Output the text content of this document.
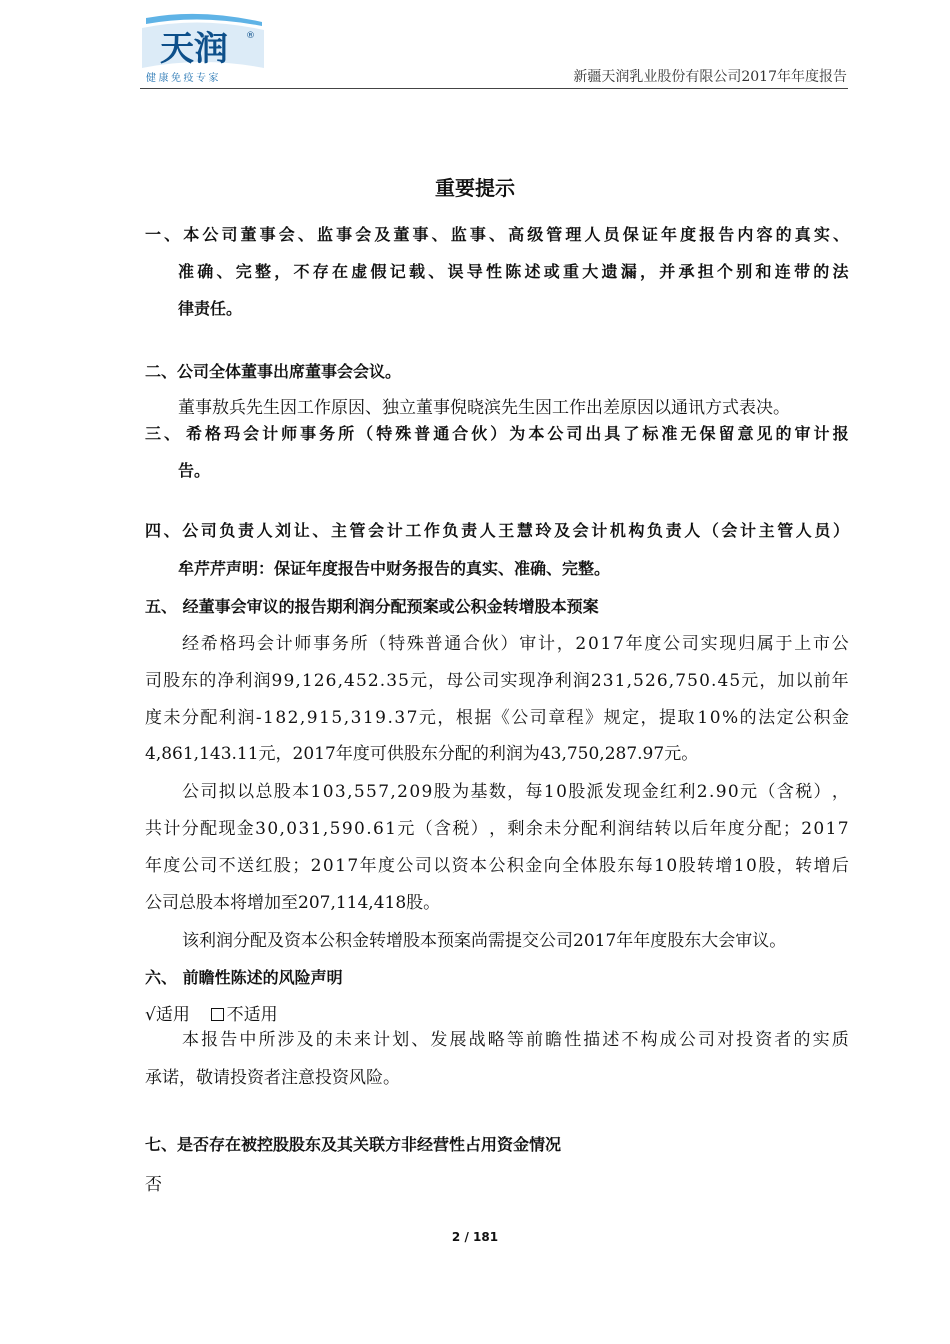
天润 ®
健康免疫专家	新疆天润乳业股份有限公司2017年年度报告
重要提示
一 、 本 公 司 董 事 会 、 监 事 会 及 董 事 、 监 事 、 高 级 管 理 人 员 保 证 年 度 报 告 内 容 的 真 实 、
准 确 、 完 整 ， 不 存 在 虚 假 记 载 、 误 导 性 陈 述 或 重 大 遗 漏 ， 并 承 担 个 别 和 连 带 的 法
律责任。
二、公司全体董事出席董事会会议。
董事敖兵先生因工作原因、独立董事倪晓滨先生因工作出差原因以通讯方式表决。
三 、 希 格 玛 会 计 师 事 务 所 （ 特 殊 普 通 合 伙 ） 为 本 公 司 出 具 了 标 准 无 保 留 意 见 的 审 计 报
告。
四 、 公 司 负 责 人 刘 让 、 主 管 会 计 工 作 负 责 人 王 慧 玲 及 会 计 机 构 负 责 人 （ 会 计 主 管 人 员 ）
牟芹芹声明：保证年度报告中财务报告的真实、准确、完整。
五、 经董事会审议的报告期利润分配预案或公积金转增股本预案
经 希 格 玛 会 计 师 事 务 所 （ 特 殊 普 通 合 伙 ） 审 计 ， 2 0 1 7 年 度 公 司 实 现 归 属 于 上 市 公
司 股 东 的 净 利 润 9 9 , 1 2 6 , 4 5 2 . 3 5 元 ， 母 公 司 实 现 净 利 润 2 3 1 , 5 2 6 , 7 5 0 . 4 5 元 ， 加 以 前 年
度 未 分 配 利 润 - 1 8 2 , 9 1 5 , 3 1 9 . 3 7 元 ， 根 据 《 公 司 章 程 》 规 定 ， 提 取 1 0 % 的 法 定 公 积 金
4,861,143.11元，2017年度可供股东分配的利润为43,750,287.97元。
公 司 拟 以 总 股 本 1 0 3 , 5 5 7 , 2 0 9 股 为 基 数 ， 每 1 0 股 派 发 现 金 红 利 2 . 9 0 元 （ 含 税 ） ，
共 计 分 配 现 金 3 0 , 0 3 1 , 5 9 0 . 6 1 元 （ 含 税 ） ， 剩 余 未 分 配 利 润 结 转 以 后 年 度 分 配 ； 2 0 1 7
年 度 公 司 不 送 红 股 ； 2 0 1 7 年 度 公 司 以 资 本 公 积 金 向 全 体 股 东 每 1 0 股 转 增 1 0 股 ， 转 增 后
公司总股本将增加至207,114,418股。
该利润分配及资本公积金转增股本预案尚需提交公司2017年年度股东大会审议。
六、 前瞻性陈述的风险声明
√适用 不适用
本 报 告 中 所 涉 及 的 未 来 计 划 、 发 展 战 略 等 前 瞻 性 描 述 不 构 成 公 司 对 投 资 者 的 实 质
承诺，敬请投资者注意投资风险。
七、是否存在被控股股东及其关联方非经营性占用资金情况
否
2 / 181
